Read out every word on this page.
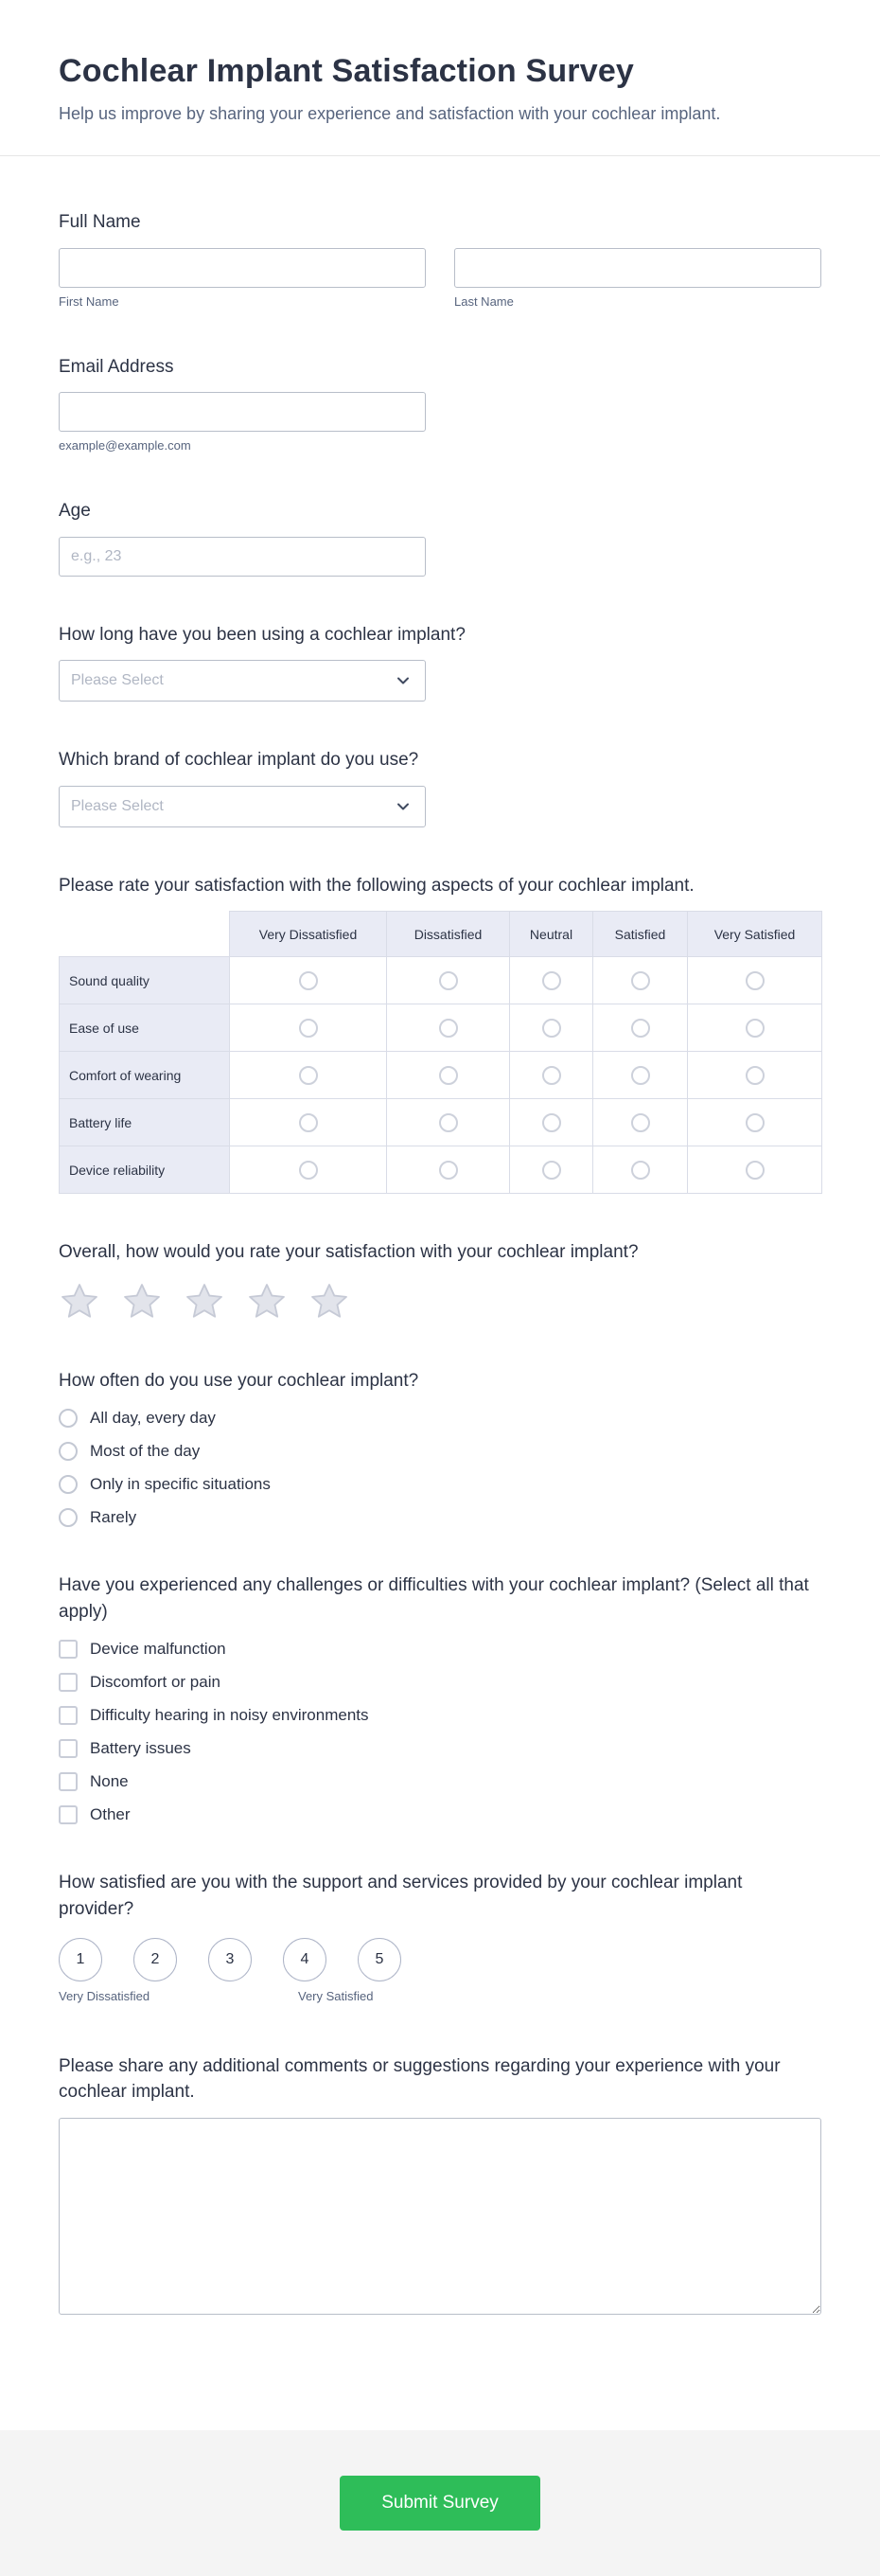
Cochlear Implant Satisfaction Survey

Help us improve by sharing your experience and satisfaction with your cochlear implant.

Full Name
First Name	Last Name
Email Address
example@example.com
Age
e.g., 23
How long have you been using a cochlear implant?
Please Select
Which brand of cochlear implant do you use?
Please Select
Please rate your satisfaction with the following aspects of your cochlear implant.
	Very Dissatisfied	Dissatisfied	Neutral	Satisfied	Very Satisfied
Sound quality					
Ease of use					
Comfort of wearing					
Battery life					
Device reliability					
Overall, how would you rate your satisfaction with your cochlear implant?
How often do you use your cochlear implant?
All day, every day
Most of the day
Only in specific situations
Rarely
Have you experienced any challenges or difficulties with your cochlear implant? (Select all that apply)
Device malfunction
Discomfort or pain
Difficulty hearing in noisy environments
Battery issues
None
Other
How satisfied are you with the support and services provided by your cochlear implant provider?
1	2	3	4	5
Very Dissatisfied	Very Satisfied
Please share any additional comments or suggestions regarding your experience with your cochlear implant.
Submit Survey
